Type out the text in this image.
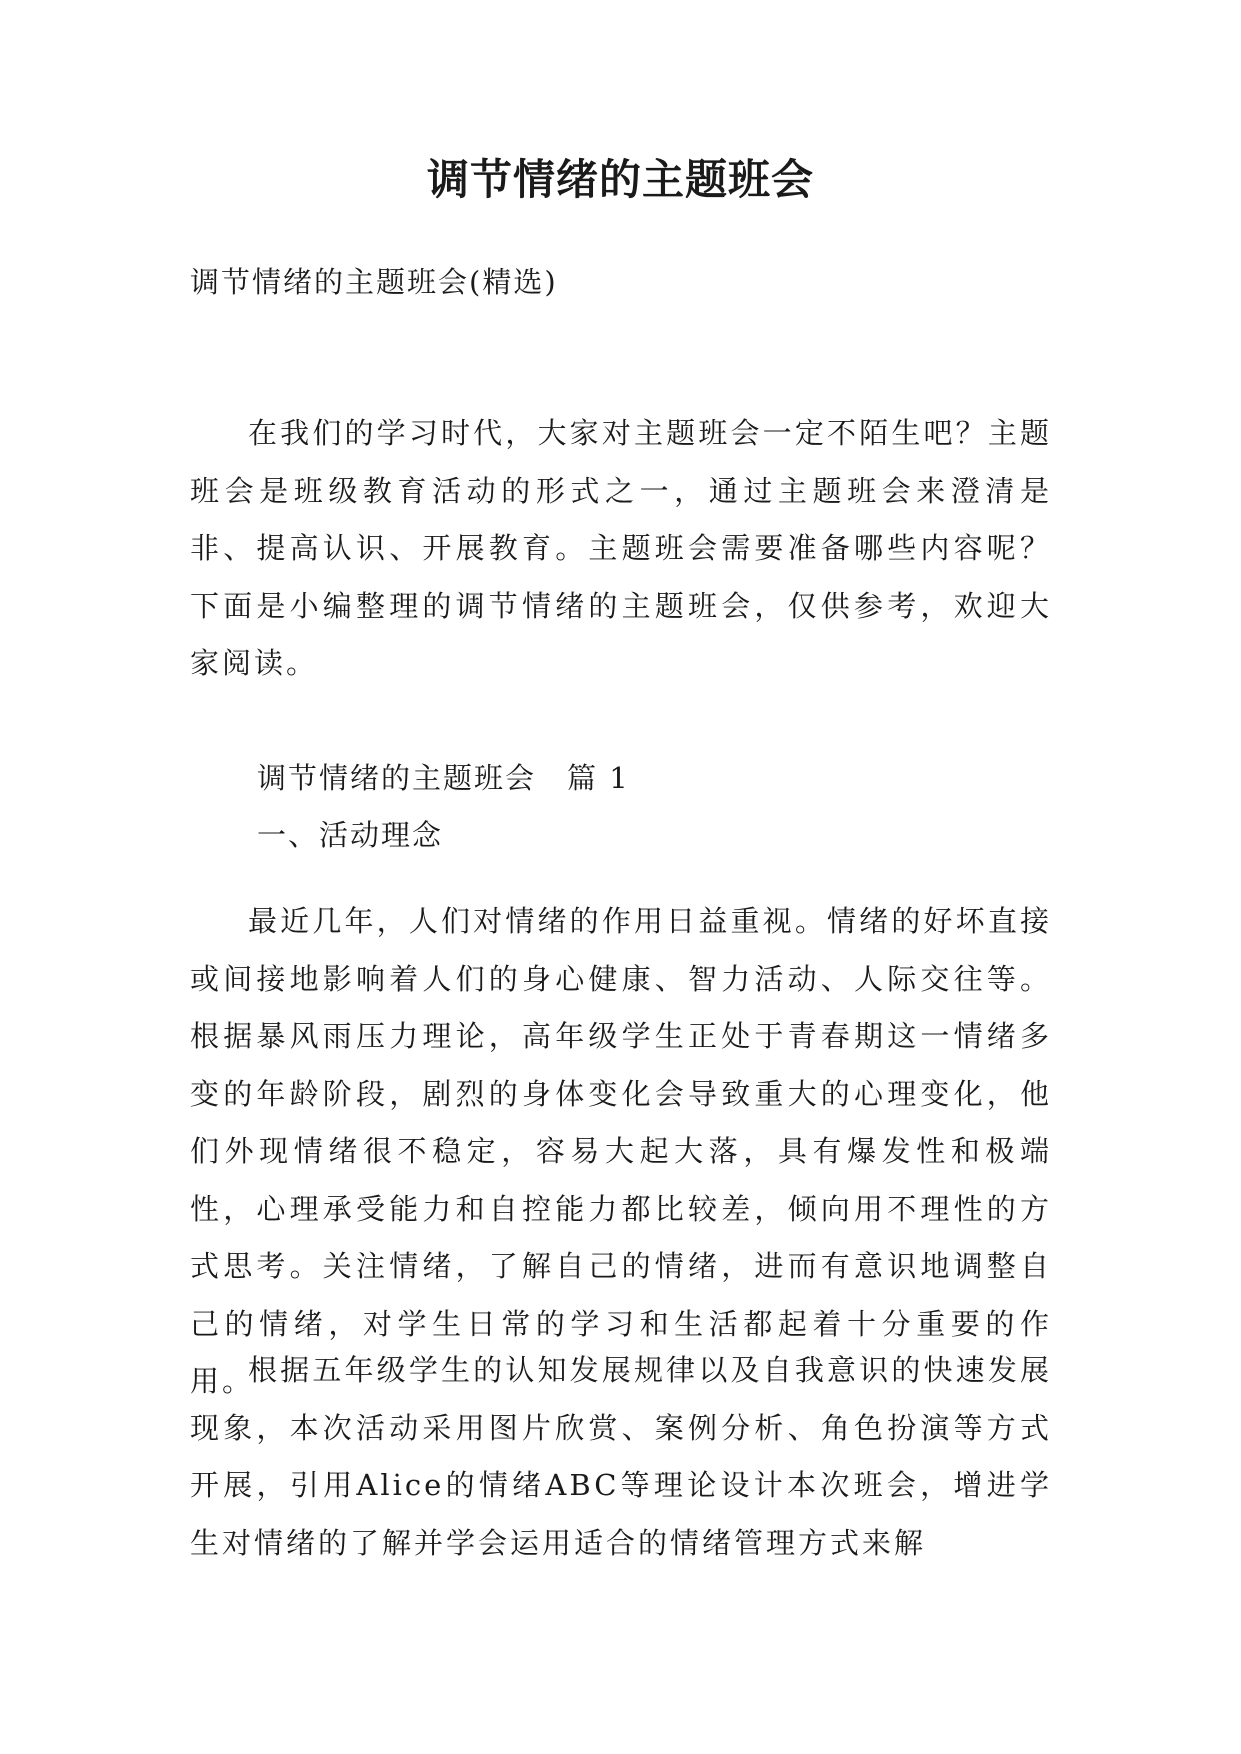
调节情绪的主题班会

调节情绪的主题班会(精选)

在我们的学习时代，大家对主题班会一定不陌生吧？主题班会是班级教育活动的形式之一，通过主题班会来澄清是非、提高认识、开展教育。主题班会需要准备哪些内容呢？下面是小编整理的调节情绪的主题班会，仅供参考，欢迎大家阅读。

调节情绪的主题班会　篇 1

一、活动理念

最近几年，人们对情绪的作用日益重视。情绪的好坏直接或间接地影响着人们的身心健康、智力活动、人际交往等。根据暴风雨压力理论，高年级学生正处于青春期这一情绪多变的年龄阶段，剧烈的身体变化会导致重大的心理变化，他们外现情绪很不稳定，容易大起大落，具有爆发性和极端性，心理承受能力和自控能力都比较差，倾向用不理性的方式思考。关注情绪，了解自己的情绪，进而有意识地调整自己的情绪，对学生日常的学习和生活都起着十分重要的作用。

根据五年级学生的认知发展规律以及自我意识的快速发展现象，本次活动采用图片欣赏、案例分析、角色扮演等方式开展，引用Alice的情绪ABC等理论设计本次班会，增进学生对情绪的了解并学会运用适合的情绪管理方式来解
